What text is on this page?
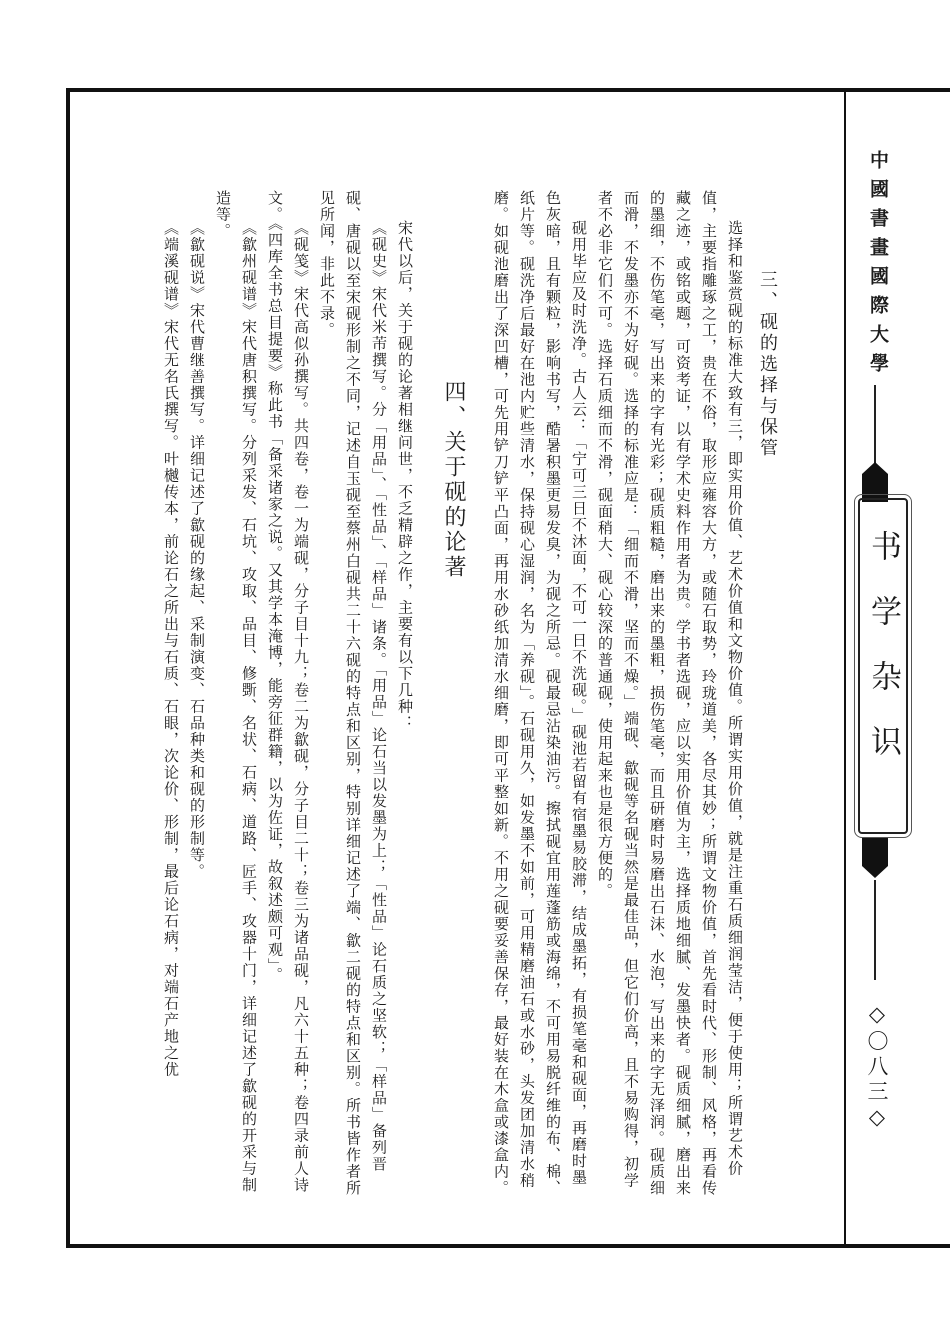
中國書畫國際大學
书学杂识
◇〇八三◇
三、砚的选择与保管

选择和鉴赏砚的标准大致有三，即实用价值、艺术价值和文物价值。所谓实用价值，就是注重石质细润莹洁，便于使用；所谓艺术价值，主要指雕琢之工，贵在不俗，取形应雍容大方，或随石取势，玲珑道美，各尽其妙；所谓文物价值，首先看时代、形制、风格，再看传藏之迹，或铭或题，可资考证，以有学术史料作用者为贵。学书者选砚，应以实用价值为主，选择质地细腻、发墨快者。砚质细腻，磨出来的墨细，不伤笔毫，写出来的字有光彩；砚质粗糙，磨出来的墨粗，损伤笔毫，而且研磨时易磨出石沫、水泡，写出来的字无泽润。砚质细而滑，不发墨亦不为好砚。选择的标准应是：「细而不滑，坚而不燥。」端砚、歙砚等名砚当然是最佳品，但它们价高，且不易购得，初学者不必非它们不可。选择石质细而不滑，砚面稍大、砚心较深的普通砚，使用起来也是很方便的。

砚用毕应及时洗净。古人云：「宁可三日不沐面，不可一日不洗砚。」砚池若留有宿墨易胶滞，结成墨拓，有损笔毫和砚面，再磨时墨色灰暗，且有颗粒，影响书写，酷暑积墨更易发臭，为砚之所忌。砚最忌沾染油污。擦拭砚宜用莲蓬筋或海绵，不可用易脱纤维的布、棉、纸片等。砚洗净后最好在池内贮些清水，保持砚心湿润，名为「养砚」。石砚用久，如发墨不如前，可用精磨油石或水砂，头发团加清水稍磨。如砚池磨出了深凹槽，可先用铲刀铲平凸面，再用水砂纸加清水细磨，即可平整如新。不用之砚要妥善保存，最好装在木盒或漆盒内。

四、关于砚的论著

宋代以后，关于砚的论著相继问世，不乏精辟之作，主要有以下几种：

《砚史》宋代米芾撰写。分「用品」、「性品」、「样品」诸条。「用品」论石当以发墨为上；「性品」论石质之坚软；「样品」备列晋砚、唐砚以至宋砚形制之不同，记述自玉砚至蔡州白砚共二十六砚的特点和区别，特别详细记述了端、歙二砚的特点和区别。所书皆作者所见所闻，非此不录。

《砚笺》宋代高似孙撰写。共四卷，卷一为端砚，分子目十九；卷二为歙砚，分子目二十；卷三为诸品砚，凡六十五种；卷四录前人诗文。《四库全书总目提要》称此书「备采诸家之说。又其学本淹博，能旁征群籍，以为佐证，故叙述颇可观」。

《歙州砚谱》宋代唐积撰写。分列采发、石坑、攻取、品目、修斲、名状、石病、道路、匠手、攻器十门，详细记述了歙砚的开采与制造等。

《歙砚说》宋代曹继善撰写。详细记述了歙砚的缘起、采制演变、石品种类和砚的形制等。

《端溪砚谱》宋代无名氏撰写。叶樾传本，前论石之所出与石质、石眼，次论价、形制，最后论石病，对端石产地之优
